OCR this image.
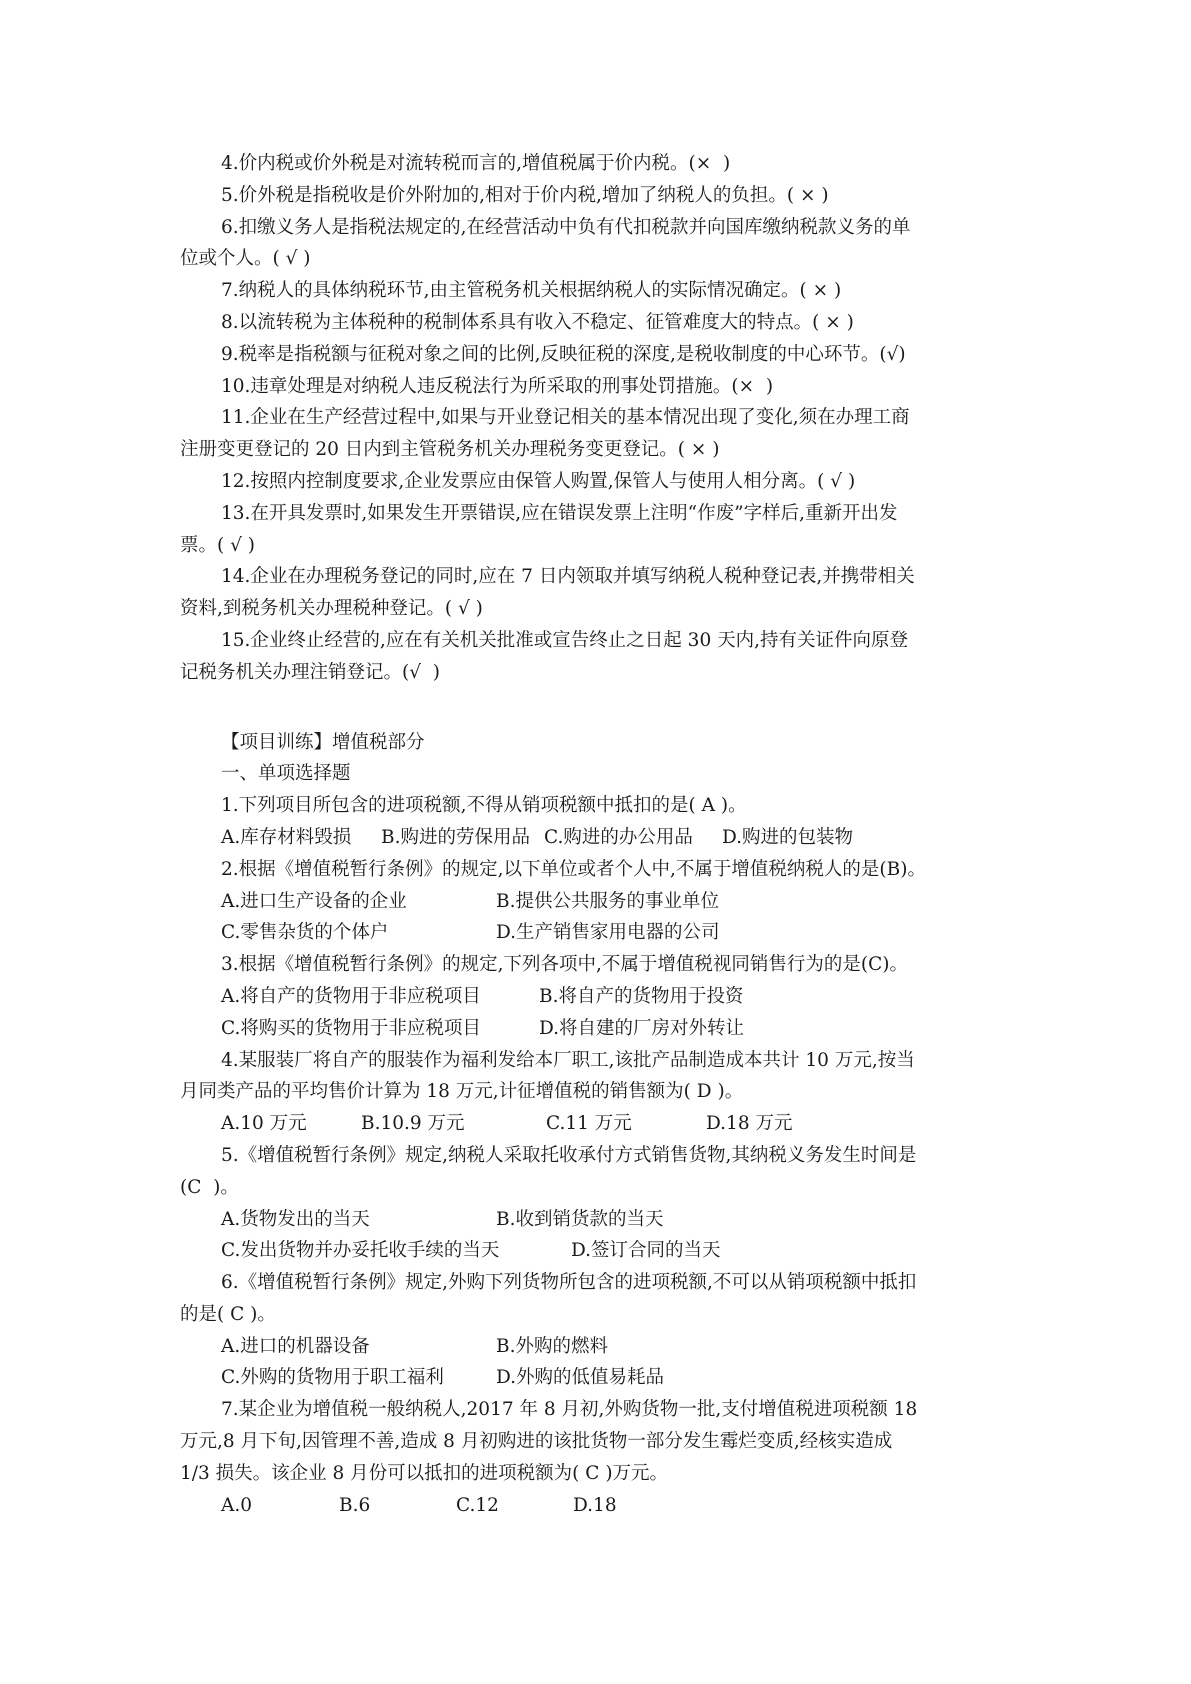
4.价内税或价外税是对流转税而言的,增值税属于价内税。(×  )

5.价外税是指税收是价外附加的,相对于价内税,增加了纳税人的负担。( × )

6.扣缴义务人是指税法规定的,在经营活动中负有代扣税款并向国库缴纳税款义务的单

位或个人。( √ )

7.纳税人的具体纳税环节,由主管税务机关根据纳税人的实际情况确定。( × )

8.以流转税为主体税种的税制体系具有收入不稳定、征管难度大的特点。( × )

9.税率是指税额与征税对象之间的比例,反映征税的深度,是税收制度的中心环节。(√)

10.违章处理是对纳税人违反税法行为所采取的刑事处罚措施。(×  )

11.企业在生产经营过程中,如果与开业登记相关的基本情况出现了变化,须在办理工商

注册变更登记的 20 日内到主管税务机关办理税务变更登记。( × )

12.按照内控制度要求,企业发票应由保管人购置,保管人与使用人相分离。( √ )

13.在开具发票时,如果发生开票错误,应在错误发票上注明“作废”字样后,重新开出发

票。( √ )

14.企业在办理税务登记的同时,应在 7 日内领取并填写纳税人税种登记表,并携带相关

资料,到税务机关办理税种登记。( √ )

15.企业终止经营的,应在有关机关批准或宣告终止之日起 30 天内,持有关证件向原登

记税务机关办理注销登记。(√  )

【项目训练】增值税部分

一、单项选择题

1.下列项目所包含的进项税额,不得从销项税额中抵扣的是( A )。

A.库存材料毁损	B.购进的劳保用品 C.购进的办公用品	D.购进的包装物

2.根据《增值税暂行条例》的规定,以下单位或者个人中,不属于增值税纳税人的是(B)。

A.进口生产设备的企业	B.提供公共服务的事业单位
C.零售杂货的个体户	D.生产销售家用电器的公司

3.根据《增值税暂行条例》的规定,下列各项中,不属于增值税视同销售行为的是(C)。

A.将自产的货物用于非应税项目	B.将自产的货物用于投资
C.将购买的货物用于非应税项目	D.将自建的厂房对外转让

4.某服装厂将自产的服装作为福利发给本厂职工,该批产品制造成本共计 10 万元,按当

月同类产品的平均售价计算为 18 万元,计征增值税的销售额为( D )。

A.10 万元	B.10.9 万元	C.11 万元	D.18 万元

5.《增值税暂行条例》规定,纳税人采取托收承付方式销售货物,其纳税义务发生时间是

(C  )。

A.货物发出的当天	B.收到销货款的当天
C.发出货物并办妥托收手续的当天	D.签订合同的当天

6.《增值税暂行条例》规定,外购下列货物所包含的进项税额,不可以从销项税额中抵扣

的是( C )。

A.进口的机器设备	B.外购的燃料
C.外购的货物用于职工福利	D.外购的低值易耗品

7.某企业为增值税一般纳税人,2017 年 8 月初,外购货物一批,支付增值税进项税额 18

万元,8 月下旬,因管理不善,造成 8 月初购进的该批货物一部分发生霉烂变质,经核实造成

1/3 损失。该企业 8 月份可以抵扣的进项税额为( C )万元。

A.0	B.6	C.12	D.18
